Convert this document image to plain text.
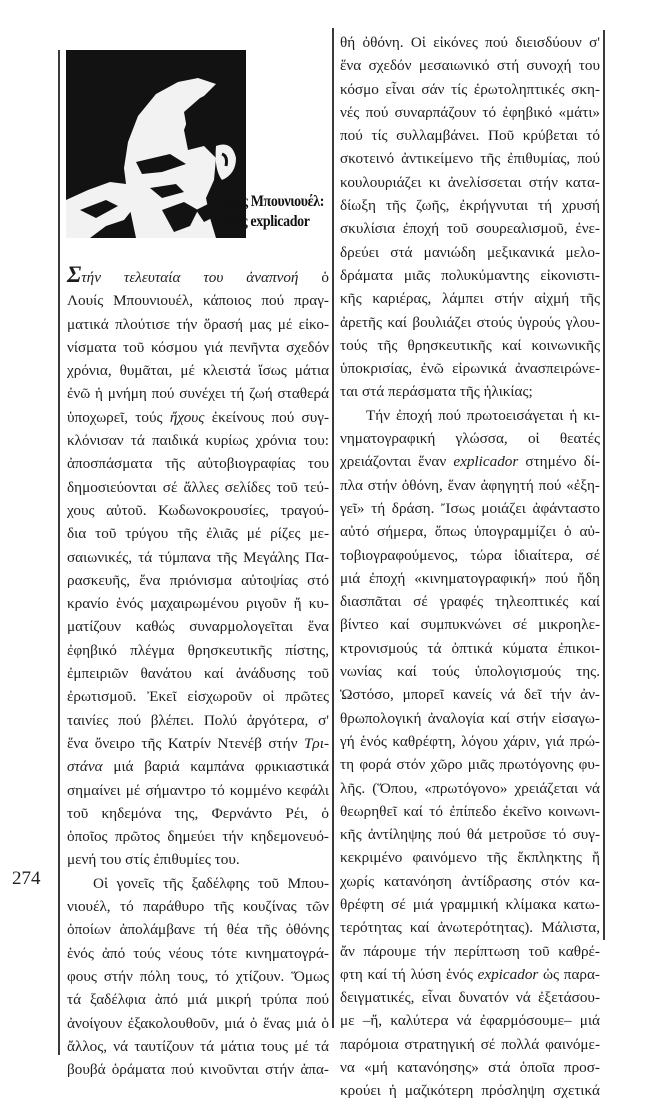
Λουίς Μπουνιουέλ:
μέγας explicador
Στήν τελευταία του ἀναπνοή ὁ
Λουίς Μπουνιουέλ, κάποιος πού πραγ-
ματικά πλούτισε τήν ὅρασή μας μέ εἰκο-
νίσματα τοῦ κόσμου γιά πενῆντα σχεδόν
χρόνια, θυμᾶται, μέ κλειστά ἴσως μάτια
ἐνῶ ἡ μνήμη πού συνέχει τή ζωή σταθερά
ὑποχωρεῖ, τούς ἤχους ἐκείνους πού συγ-
κλόνισαν τά παιδικά κυρίως χρόνια του:
ἀποσπάσματα τῆς αὐτοβιογραφίας του
δημοσιεύονται σέ ἄλλες σελίδες τοῦ τεύ-
χους αὐτοῦ. Κωδωνοκρουσίες, τραγού-
δια τοῦ τρύγου τῆς ἐλιᾶς μέ ρίζες με-
σαιωνικές, τά τύμπανα τῆς Μεγάλης Πα-
ρασκευῆς, ἕνα πριόνισμα αὐτοψίας στό
κρανίο ἑνός μαχαιρωμένου ριγοῦν ἤ κυ-
ματίζουν καθώς συναρμολογεῖται ἕνα
ἐφηβικό πλέγμα θρησκευτικῆς πίστης,
ἐμπειριῶν θανάτου καί ἀνάδυσης τοῦ
ἐρωτισμοῦ. Ἐκεῖ εἰσχωροῦν οἱ πρῶτες
ταινίες πού βλέπει. Πολύ ἀργότερα, σ'
ἕνα ὄνειρο τῆς Κατρίν Ντενέβ στήν Τρι-
στάνα μιά βαριά καμπάνα φρικιαστικά
σημαίνει μέ σήμαντρο τό κομμένο κεφάλι
τοῦ κηδεμόνα της, Φερνάντο Ρέι, ὁ
ὁποῖος πρῶτος δημεύει τήν κηδεμονευό-
μενή του στίς ἐπιθυμίες του.
Οἱ γονεῖς τῆς ξαδέλφης τοῦ Μπου-
νιουέλ, τό παράθυρο τῆς κουζίνας τῶν
ὁποίων ἀπολάμβανε τή θέα τῆς ὀθόνης
ἑνός ἀπό τούς νέους τότε κινηματογρά-
φους στήν πόλη τους, τό χτίζουν. Ὅμως
τά ξαδέλφια ἀπό μιά μικρή τρύπα πού
ἀνοίγουν ἐξακολουθοῦν, μιά ὁ ἕνας μιά ὁ
ἄλλος, νά ταυτίζουν τά μάτια τους μέ τά
βουβά ὁράματα πού κινοῦνται στήν ἀπα-
θή ὀθόνη. Οἱ εἰκόνες πού διεισδύουν σ'
ἕνα σχεδόν μεσαιωνικό στή συνοχή του
κόσμο εἶναι σάν τίς ἐρωτοληπτικές σκη-
νές πού συναρπάζουν τό ἐφηβικό «μάτι»
πού τίς συλλαμβάνει. Ποῦ κρύβεται τό
σκοτεινό ἀντικείμενο τῆς ἐπιθυμίας, πού
κουλουριάζει κι ἀνελίσσεται στήν κατα-
δίωξη τῆς ζωῆς, ἐκρήγνυται τή χρυσή
σκυλίσια ἐποχή τοῦ σουρεαλισμοῦ, ἐνε-
δρεύει στά μανιώδη μεξικανικά μελο-
δράματα μιᾶς πολυκύμαντης εἰκονιστι-
κῆς καριέρας, λάμπει στήν αἰχμή τῆς
ἀρετῆς καί βουλιάζει στούς ὑγρούς γλου-
τούς τῆς θρησκευτικῆς καί κοινωνικῆς
ὑποκρισίας, ἐνῶ εἰρωνικά ἀνασπειρώνε-
ται στά περάσματα τῆς ἡλικίας;
Τήν ἐποχή πού πρωτοεισάγεται ἡ κι-
νηματογραφική γλώσσα, οἱ θεατές
χρειάζονται ἕναν explicador στημένο δί-
πλα στήν ὀθόνη, ἕναν ἀφηγητή πού «ἐξη-
γεῖ» τή δράση. Ἴσως μοιάζει ἀφάνταστο
αὐτό σήμερα, ὅπως ὑπογραμμίζει ὁ αὐ-
τοβιογραφούμενος, τώρα ἰδιαίτερα, σέ
μιά ἐποχή «κινηματογραφική» πού ἤδη
διασπᾶται σέ γραφές τηλεοπτικές καί
βίντεο καί συμπυκνώνει σέ μικροηλε-
κτρονισμούς τά ὀπτικά κύματα ἐπικοι-
νωνίας καί τούς ὑπολογισμούς της.
Ὡστόσο, μπορεῖ κανείς νά δεῖ τήν ἀν-
θρωπολογική ἀναλογία καί στήν εἰσαγω-
γή ἑνός καθρέφτη, λόγου χάριν, γιά πρώ-
τη φορά στόν χῶρο μιᾶς πρωτόγονης φυ-
λῆς. (Ὅπου, «πρωτόγονο» χρειάζεται νά
θεωρηθεῖ καί τό ἐπίπεδο ἐκεῖνο κοινωνι-
κῆς ἀντίληψης πού θά μετροῦσε τό συγ-
κεκριμένο φαινόμενο τῆς ἔκπληκτης ἤ
χωρίς κατανόηση ἀντίδρασης στόν κα-
θρέφτη σέ μιά γραμμική κλίμακα κατω-
τερότητας καί ἀνωτερότητας). Μάλιστα,
ἄν πάρουμε τήν περίπτωση τοῦ καθρέ-
φτη καί τή λύση ἑνός expicador ὡς παρα-
δειγματικές, εἶναι δυνατόν νά ἐξετάσου-
με –ἤ, καλύτερα νά ἐφαρμόσουμε– μιά
παρόμοια στρατηγική σέ πολλά φαινόμε-
να «μή κατανόησης» στά ὁποῖα προσ-
κρούει ἡ μαζικότερη πρόσληψη σχετικά
274
